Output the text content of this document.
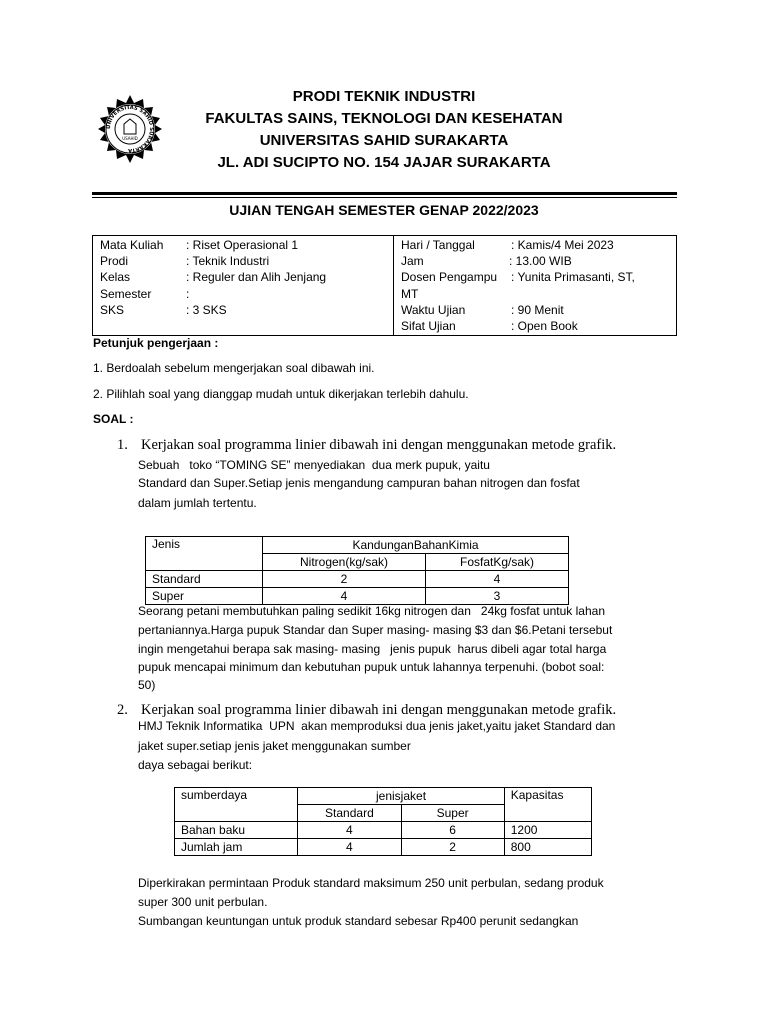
UNIVERSITAS SAHID SURAKARTA
USAHID
PRODI TEKNIK INDUSTRI
FAKULTAS SAINS, TEKNOLOGI DAN KESEHATAN
UNIVERSITAS SAHID SURAKARTA
JL. ADI SUCIPTO NO. 154 JAJAR SURAKARTA
UJIAN TENGAH SEMESTER GENAP 2022/2023
Mata Kuliah : Riset Operasional 1
Prodi	: Teknik Industri
Kelas	: Reguler dan Alih Jenjang
Semester	:
SKS	: 3 SKS
Hari / Tanggal	: Kamis/4 Mei 2023
Jam	: 13.00 WIB
Dosen Pengampu : Yunita Primasanti, ST,
MT
Waktu Ujian	: 90 Menit
Sifat Ujian	: Open Book
Petunjuk pengerjaan :
1. Berdoalah sebelum mengerjakan soal dibawah ini.
2. Pilihlah soal yang dianggap mudah untuk dikerjakan terlebih dahulu.
SOAL :
1. Kerjakan soal programma linier dibawah ini dengan menggunakan metode grafik.
Sebuah   toko “TOMING SE” menyediakan  dua merk pupuk, yaitu
Standard dan Super.Setiap jenis mengandung campuran bahan nitrogen dan fosfat
dalam jumlah tertentu.
Jenis	KandunganBahanKimia	
	Nitrogen(kg/sak)	FosfatKg/sak)
Standard	2	4
Super	4	3
Seorang petani membutuhkan paling sedikit 16kg nitrogen dan   24kg fosfat untuk lahan
pertaniannya.Harga pupuk Standar dan Super masing- masing $3 dan $6.Petani tersebut
ingin mengetahui berapa sak masing- masing   jenis pupuk  harus dibeli agar total harga
pupuk mencapai minimum dan kebutuhan pupuk untuk lahannya terpenuhi. (bobot soal:
50)
2. Kerjakan soal programma linier dibawah ini dengan menggunakan metode grafik.
HMJ Teknik Informatika  UPN  akan memproduksi dua jenis jaket,yaitu jaket Standard dan
jaket super.setiap jenis jaket menggunakan sumber
daya sebagai berikut:
sumberdaya	jenisjaket		Kapasitas
	Standard	Super	
Bahan baku	4	6	1200
Jumlah jam	4	2	800
Diperkirakan permintaan Produk standard maksimum 250 unit perbulan, sedang produk
super 300 unit perbulan.
Sumbangan keuntungan untuk produk standard sebesar Rp400 perunit sedangkan
